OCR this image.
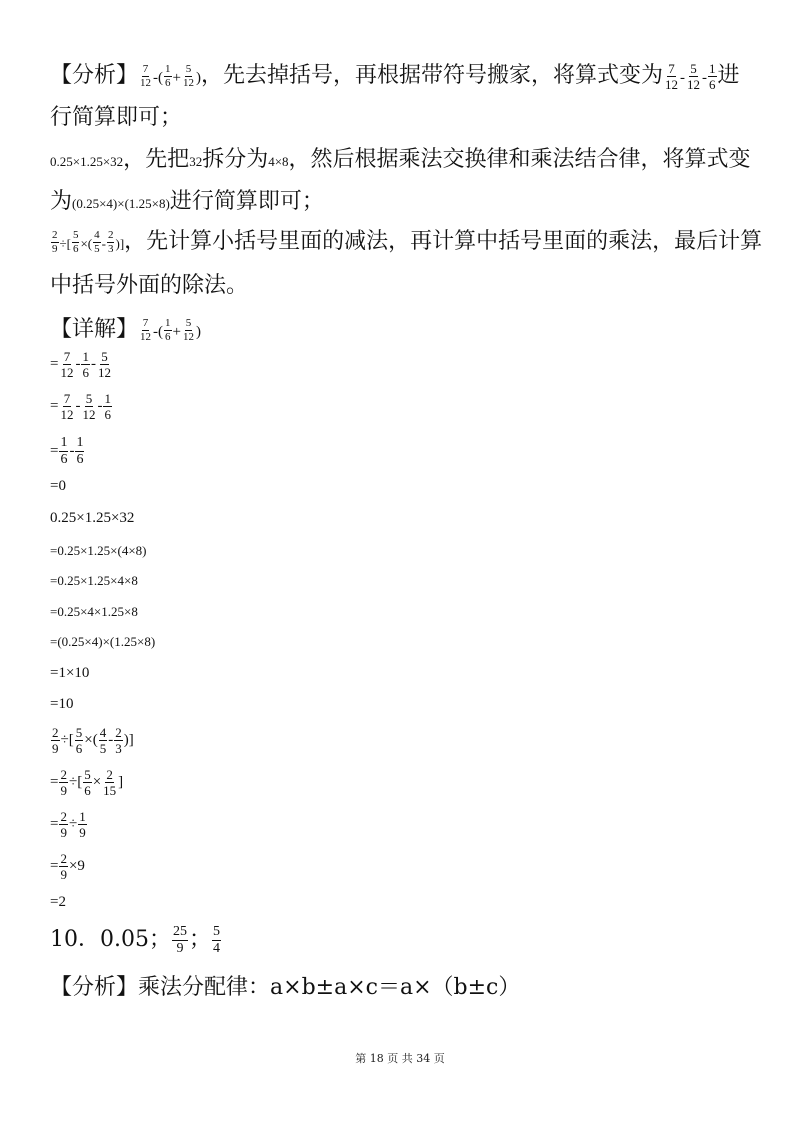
【分析】 $\frac{7}{12}$ -( $\frac{1}{6} + \frac{5}{12}$ )，先去掉括号，再根据带符号搬家，将算式变为 $\frac{7}{12} - \frac{5}{12} - \frac{1}{6}$ 进
行简算即可；
0.25×1.25×32，先把32拆分为4×8，然后根据乘法交换律和乘法结合律，将算式变
为(0.25×4)×(1.25×8)进行简算即可；
$\frac{2}{9}$ ÷[ $\frac{5}{6}$ ×( $\frac{4}{5} - \frac{2}{3}$ )]，先计算小括号里面的减法，再计算中括号里面的乘法，最后计算
中括号外面的除法。
【详解】 $\frac{7}{12}$ -( $\frac{1}{6} + \frac{5}{12}$ )
= $\frac{7}{12} - \frac{1}{6} - \frac{5}{12}$
= $\frac{7}{12} - \frac{5}{12} - \frac{1}{6}$
= $\frac{1}{6} - \frac{1}{6}$
=0
0.25×1.25×32
=0.25×1.25×(4×8)
=0.25×1.25×4×8
=0.25×4×1.25×8
=(0.25×4)×(1.25×8)
=1×10
=10
$\frac{2}{9}$ ÷[ $\frac{5}{6}$ ×( $\frac{4}{5} - \frac{2}{3}$ )]
= $\frac{2}{9}$ ÷[ $\frac{5}{6} \times \frac{2}{15}$ ]
= $\frac{2}{9} \div \frac{1}{9}$
= $\frac{2}{9} \times 9$
=2
10．0.05； $\frac{25}{9}$ ； $\frac{5}{4}$
【分析】乘法分配律：a×b±a×c＝a×（b±c）
第 18 页 共 34 页
